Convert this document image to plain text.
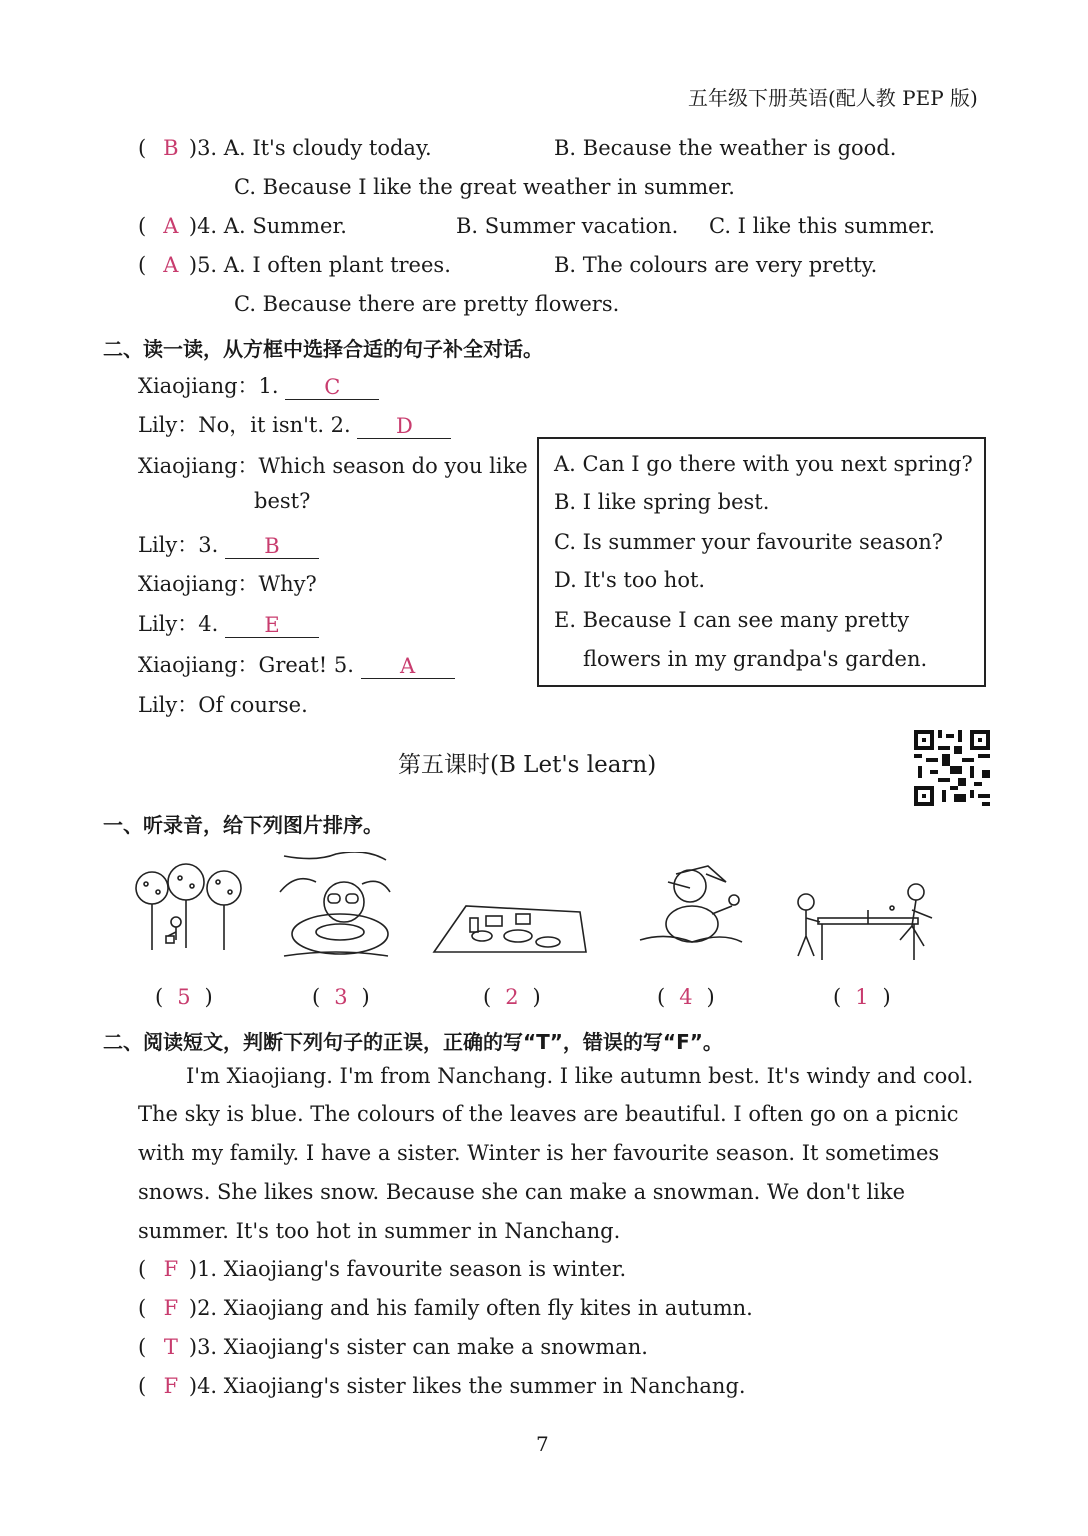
五年级下册英语(配人教 PEP 版)
( B )3. A. It's cloudy today.	B. Because the weather is good.
C. Because I like the great weather in summer.
( A )4. A. Summer.	B. Summer vacation. C. I like this summer.
( A )5. A. I often plant trees.	B. The colours are very pretty.
C. Because there are pretty flowers.
二、读一读，从方框中选择合适的句子补全对话。
Xiaojiang：1. C
Lily：No，it isn't. 2. D
Xiaojiang：Which season do you like
best?
Lily：3. B
Xiaojiang：Why?
Lily：4. E
Xiaojiang：Great! 5. A
Lily：Of course.
A. Can I go there with you next spring?
B. I like spring best.
C. Is summer your favourite season?
D. It's too hot.
E. Because I can see many pretty
flowers in my grandpa's garden.
第五课时(B Let's learn)
一、听录音，给下列图片排序。
( 5 )	( 3 )	( 2 )	( 4 )	( 1 )
二、阅读短文，判断下列句子的正误，正确的写“T”，错误的写“F”。
I'm Xiaojiang. I'm from Nanchang. I like autumn best. It's windy and cool.
The sky is blue. The colours of the leaves are beautiful. I often go on a picnic
with my family. I have a sister. Winter is her favourite season. It sometimes
snows. She likes snow. Because she can make a snowman. We don't like
summer. It's too hot in summer in Nanchang.
( F )1. Xiaojiang's favourite season is winter.
( F )2. Xiaojiang and his family often fly kites in autumn.
( T )3. Xiaojiang's sister can make a snowman.
( F )4. Xiaojiang's sister likes the summer in Nanchang.
7
